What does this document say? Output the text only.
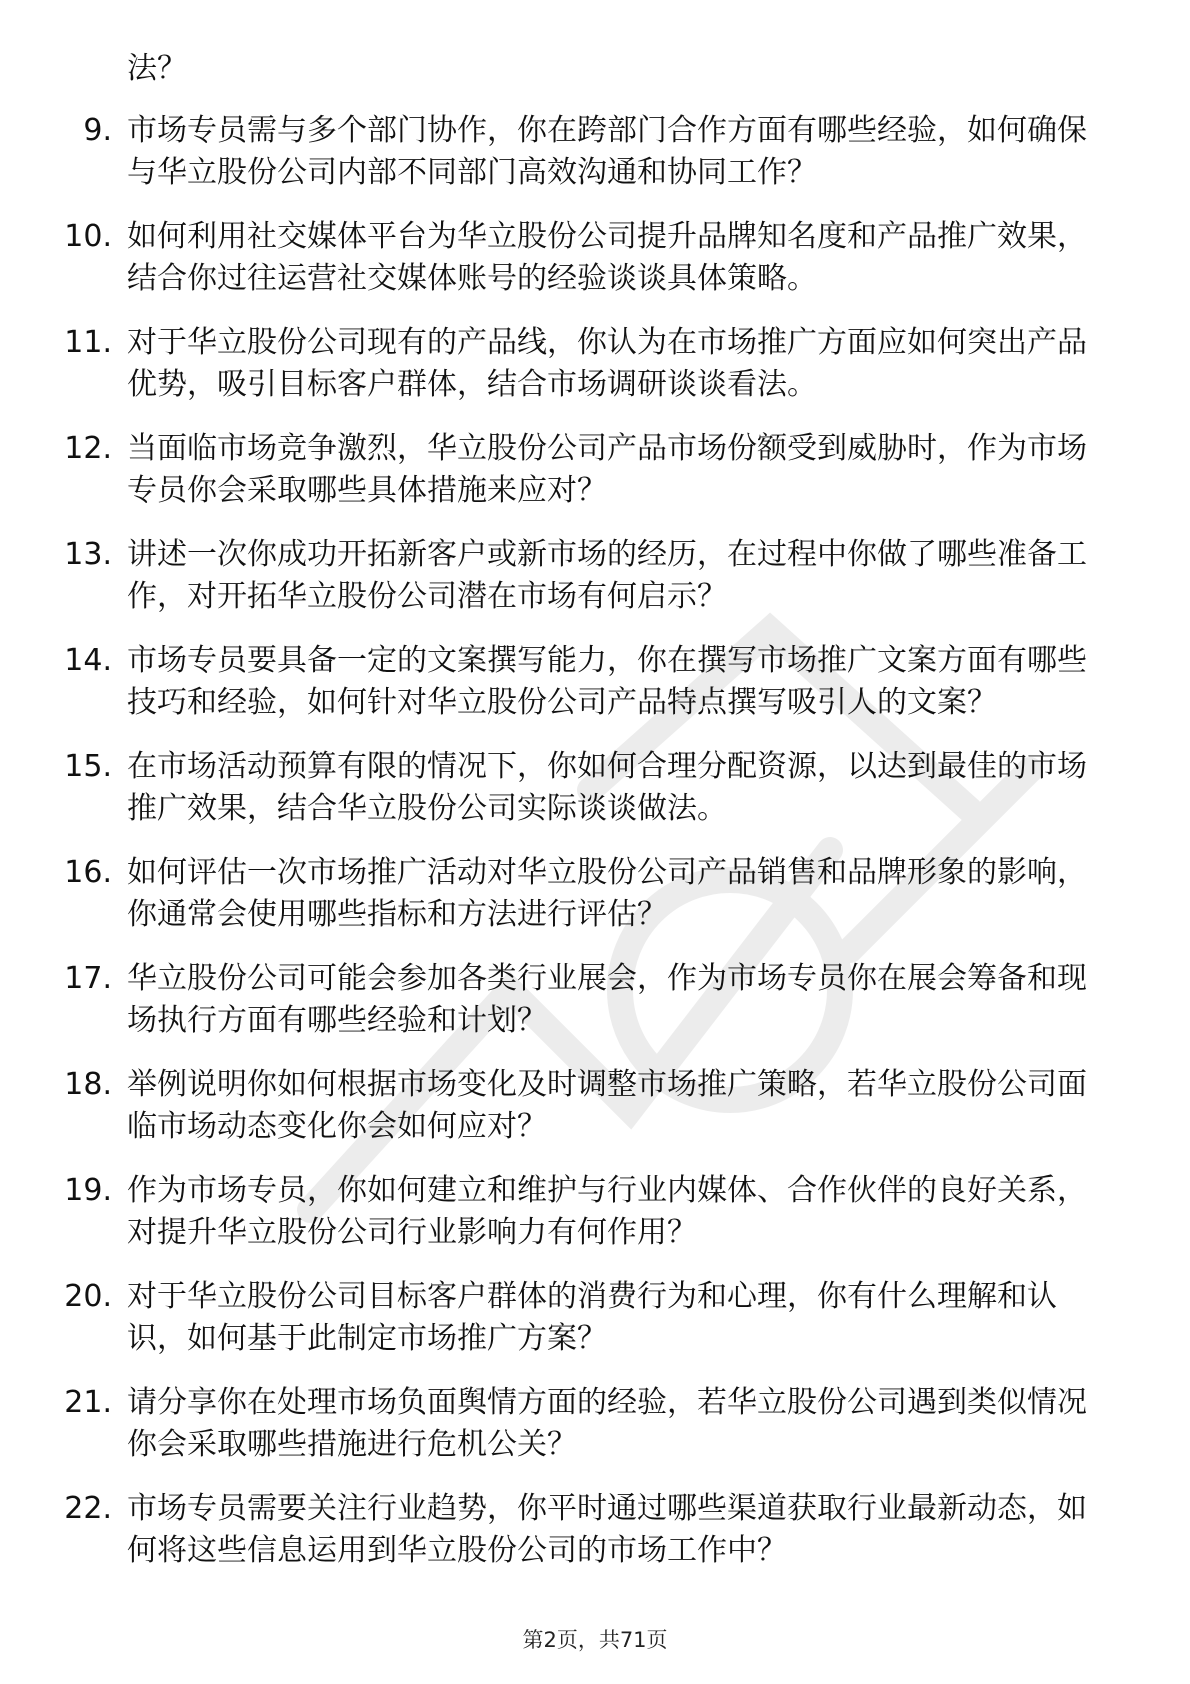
法？
9. 市场专员需与多个部门协作，你在跨部门合作方面有哪些经验，如何确保与华立股份公司内部不同部门高效沟通和协同工作？
10. 如何利用社交媒体平台为华立股份公司提升品牌知名度和产品推广效果，结合你过往运营社交媒体账号的经验谈谈具体策略。
11. 对于华立股份公司现有的产品线，你认为在市场推广方面应如何突出产品优势，吸引目标客户群体，结合市场调研谈谈看法。
12. 当面临市场竞争激烈，华立股份公司产品市场份额受到威胁时，作为市场专员你会采取哪些具体措施来应对？
13. 讲述一次你成功开拓新客户或新市场的经历，在过程中你做了哪些准备工作，对开拓华立股份公司潜在市场有何启示？
14. 市场专员要具备一定的文案撰写能力，你在撰写市场推广文案方面有哪些技巧和经验，如何针对华立股份公司产品特点撰写吸引人的文案？
15. 在市场活动预算有限的情况下，你如何合理分配资源，以达到最佳的市场推广效果，结合华立股份公司实际谈谈做法。
16. 如何评估一次市场推广活动对华立股份公司产品销售和品牌形象的影响，你通常会使用哪些指标和方法进行评估？
17. 华立股份公司可能会参加各类行业展会，作为市场专员你在展会筹备和现场执行方面有哪些经验和计划？
18. 举例说明你如何根据市场变化及时调整市场推广策略，若华立股份公司面临市场动态变化你会如何应对？
19. 作为市场专员，你如何建立和维护与行业内媒体、合作伙伴的良好关系，对提升华立股份公司行业影响力有何作用？
20. 对于华立股份公司目标客户群体的消费行为和心理，你有什么理解和认识，如何基于此制定市场推广方案？
21. 请分享你在处理市场负面舆情方面的经验，若华立股份公司遇到类似情况你会采取哪些措施进行危机公关？
22. 市场专员需要关注行业趋势，你平时通过哪些渠道获取行业最新动态，如何将这些信息运用到华立股份公司的市场工作中？
第2页，共71页
